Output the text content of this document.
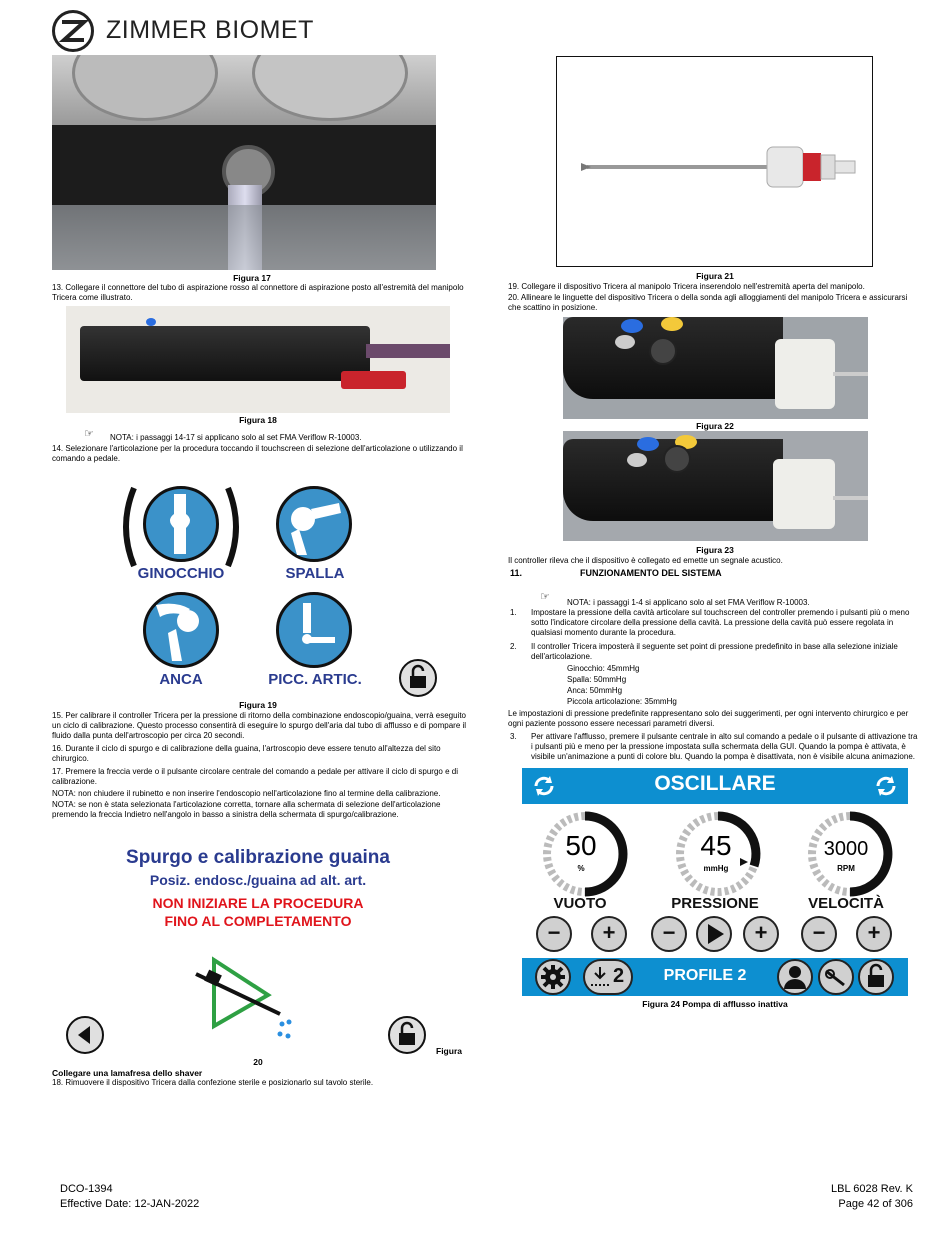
ZIMMER BIOMET
Figura 17
13. Collegare il connettore del tubo di aspirazione rosso al connettore di aspirazione posto all'estremità del manipolo Tricera come illustrato.
Figura 18
☞ NOTA: i passaggi 14-17 si applicano solo al set FMA Veriflow R-10003.
14. Selezionare l'articolazione per la procedura toccando il touchscreen di selezione dell'articolazione o utilizzando il comando a pedale.
GINOCCHIO	SPALLA
ANCA	PICC. ARTIC.
Figura 19
15. Per calibrare il controller Tricera per la pressione di ritorno della combinazione endoscopio/guaina, verrà eseguito un ciclo di calibrazione. Questo processo consentirà di eseguire lo spurgo dell'aria dal tubo di afflusso e di pompare il fluido dalla punta dell'artroscopio per circa 20 secondi.
16. Durante il ciclo di spurgo e di calibrazione della guaina, l'artroscopio deve essere tenuto all'altezza del sito chirurgico.
17. Premere la freccia verde o il pulsante circolare centrale del comando a pedale per attivare il ciclo di spurgo e di calibrazione.
NOTA: non chiudere il rubinetto e non inserire l'endoscopio nell'articolazione fino al termine della calibrazione.
NOTA: se non è stata selezionata l'articolazione corretta, tornare alla schermata di selezione dell'articolazione premendo la freccia Indietro nell'angolo in basso a sinistra della schermata di spurgo/calibrazione.
Spurgo e calibrazione guaina
Posiz. endosc./guaina ad alt. art.
NON INIZIARE LA PROCEDURA
FINO AL COMPLETAMENTO
Figura
20
Collegare una lamafresa dello shaver
18. Rimuovere il dispositivo Tricera dalla confezione sterile e posizionarlo sul tavolo sterile.
Figura 21
19. Collegare il dispositivo Tricera al manipolo Tricera inserendolo nell'estremità aperta del manipolo.
20. Allineare le linguette del dispositivo Tricera o della sonda agli alloggiamenti del manipolo Tricera e assicurarsi che scattino in posizione.
Figura 22
Figura 23
Il controller rileva che il dispositivo è collegato ed emette un segnale acustico.
11.	FUNZIONAMENTO DEL SISTEMA
☞ NOTA: i passaggi 1-4 si applicano solo al set FMA Veriflow R-10003.
1. Impostare la pressione della cavità articolare sul touchscreen del controller premendo i pulsanti più o meno sotto l'indicatore circolare della pressione della cavità. La pressione della cavità può essere regolata in qualsiasi momento durante la procedura.
2. Il controller Tricera imposterà il seguente set point di pressione predefinito in base alla selezione iniziale dell'articolazione.
Ginocchio: 45mmHg
Spalla: 50mmHg
Anca: 50mmHg
Piccola articolazione: 35mmHg
Le impostazioni di pressione predefinite rappresentano solo dei suggerimenti, per ogni intervento chirurgico e per ogni paziente possono essere necessari parametri diversi.
3. Per attivare l'afflusso, premere il pulsante centrale in alto sul comando a pedale o il pulsante di attivazione tra i pulsanti più e meno per la pressione impostata sulla schermata della GUI. Quando la pompa è attivata, è visibile un'animazione a punti di colore blu. Quando la pompa è disattivata, non è visibile alcuna animazione.
OSCILLARE
50
%
45
mmHg
3000
RPM
VUOTO	PRESSIONE	VELOCITÀ
−	+	−	+	−	+
2	PROFILE 2
Figura 24 Pompa di afflusso inattiva
DCO-1394
Effective Date: 12-JAN-2022
LBL 6028 Rev. K
Page 42 of 306
